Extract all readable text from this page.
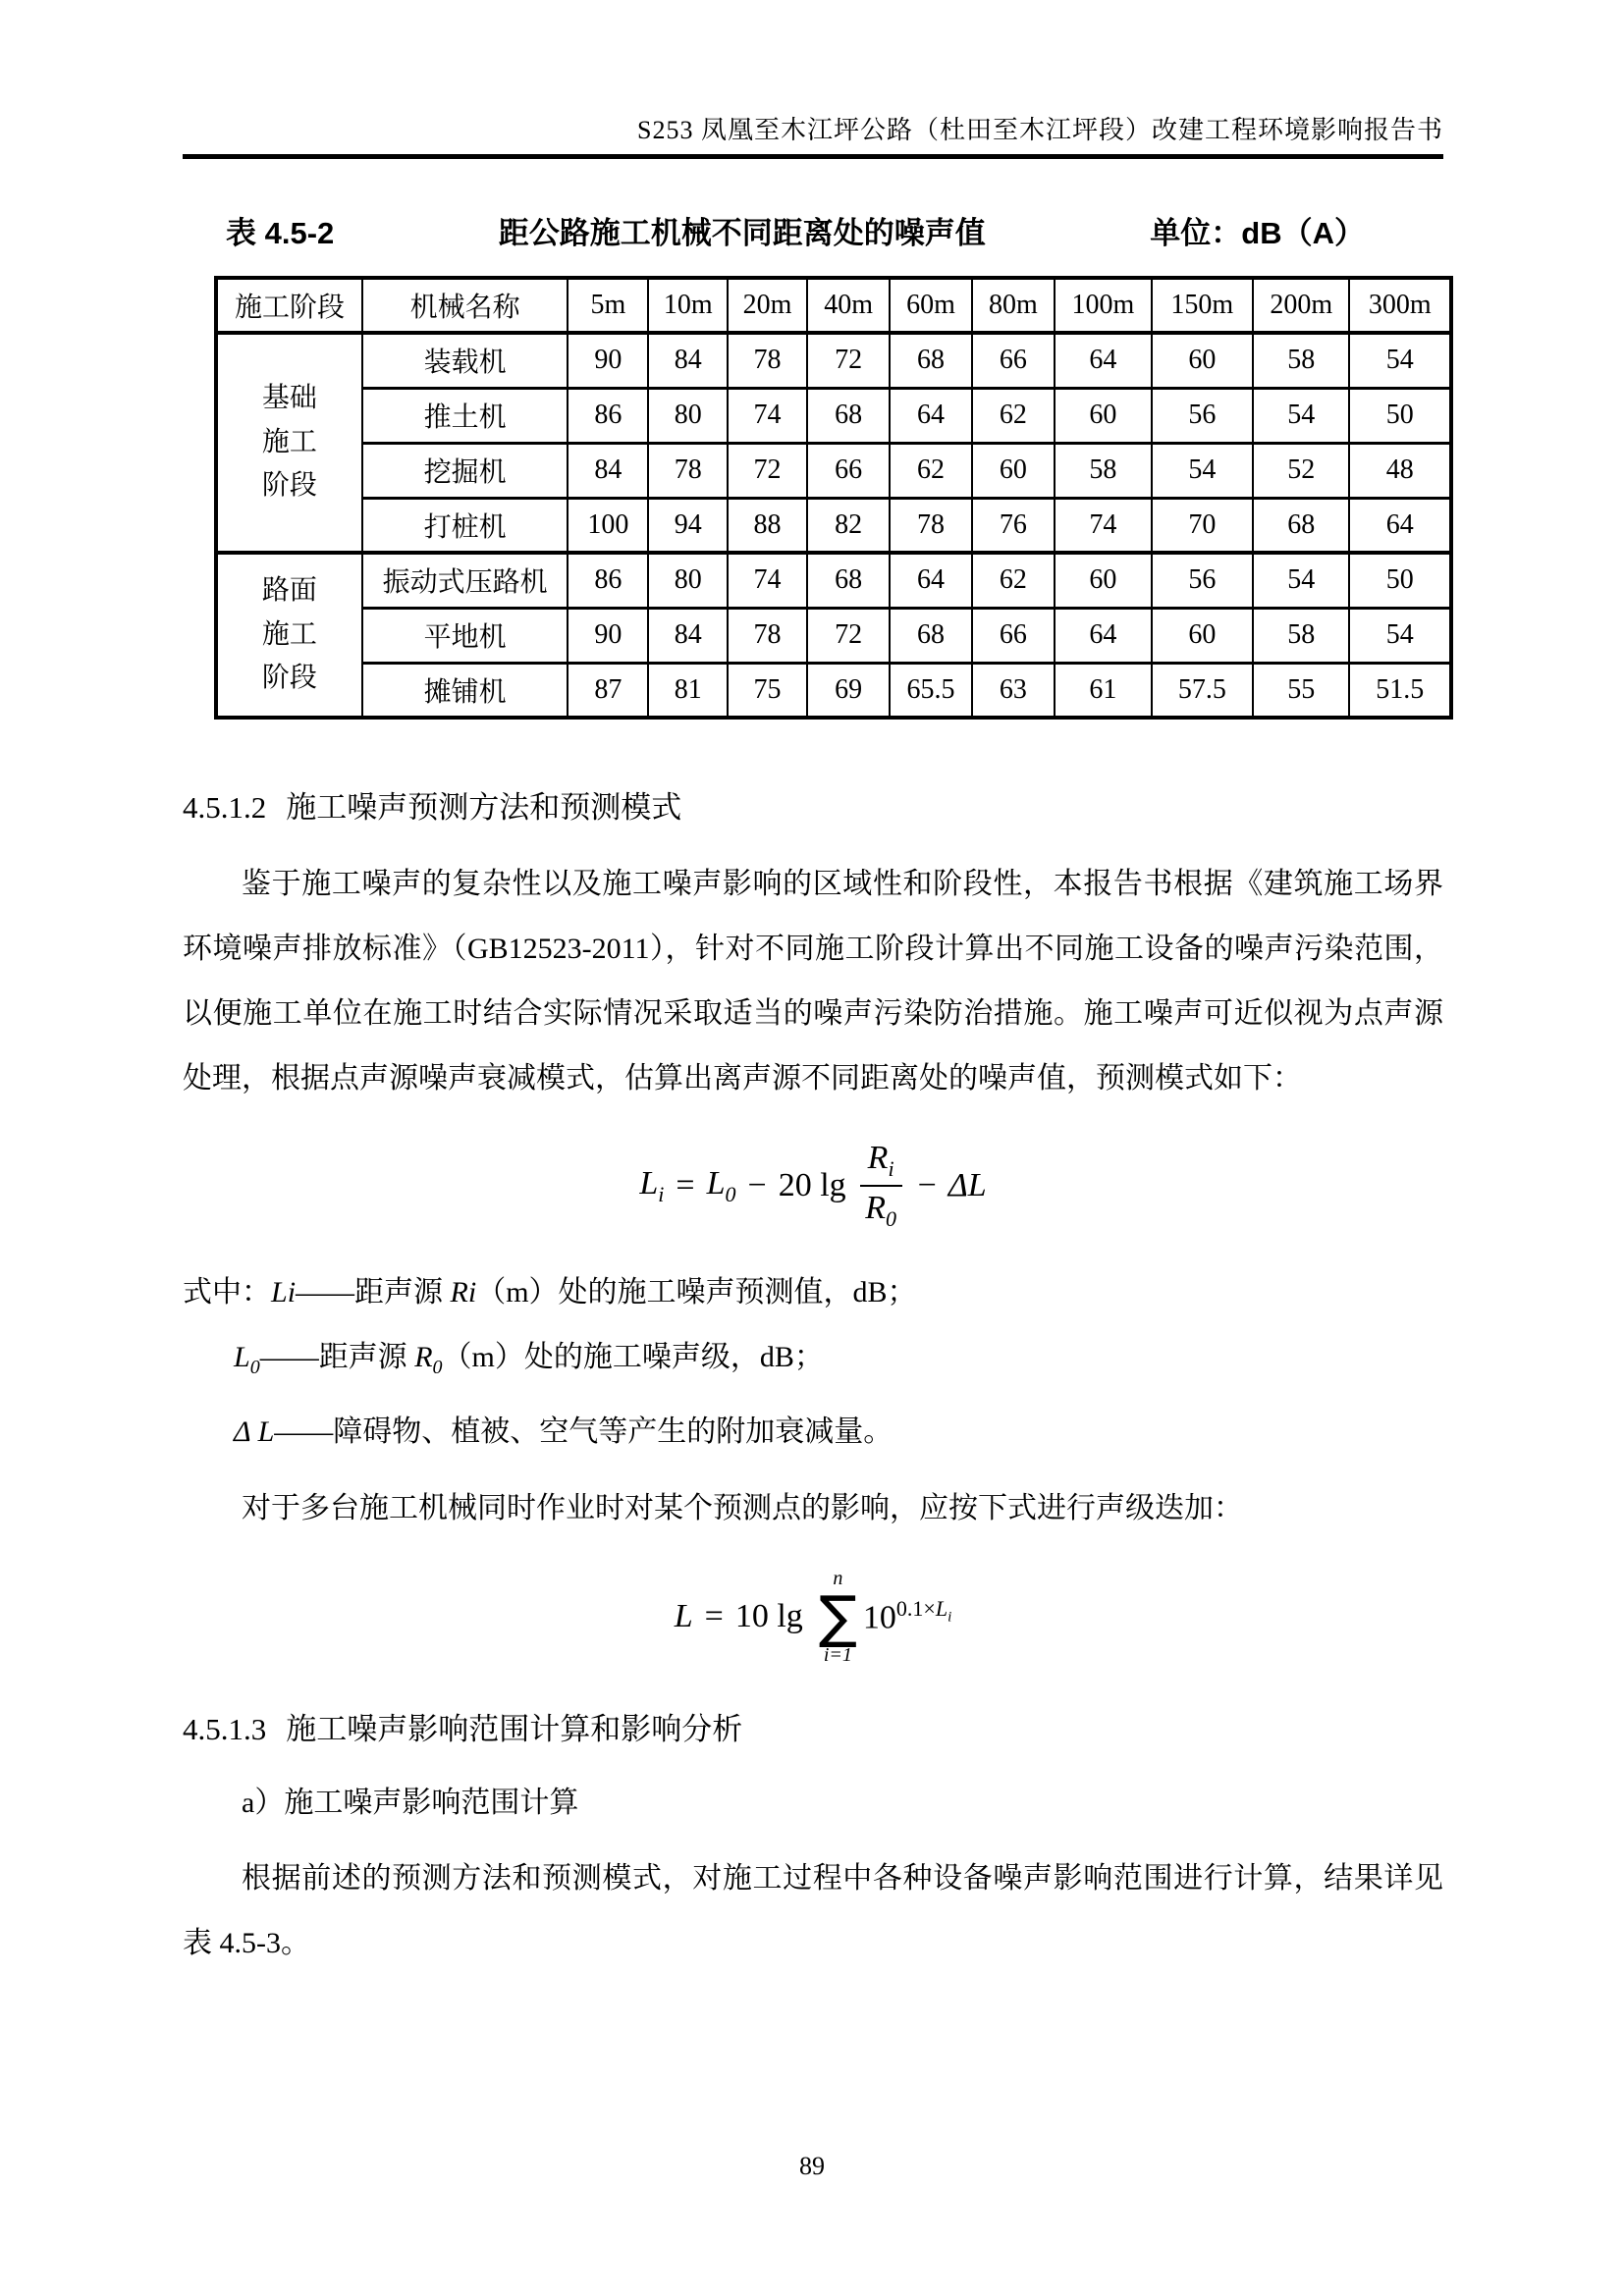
S253 凤凰至木江坪公路（杜田至木江坪段）改建工程环境影响报告书
表 4.5-2	距公路施工机械不同距离处的噪声值	单位：dB（A）
施工阶段	机械名称	5m	10m	20m	40m	60m	80m	100m	150m	200m	300m
基础施工阶段	装载机	90	84	78	72	68	66	64	60	58	54
	推土机	86	80	74	68	64	62	60	56	54	50
	挖掘机	84	78	72	66	62	60	58	54	52	48
	打桩机	100	94	88	82	78	76	74	70	68	64
路面施工阶段	振动式压路机	86	80	74	68	64	62	60	56	54	50
	平地机	90	84	78	72	68	66	64	60	58	54
	摊铺机	87	81	75	69	65.5	63	61	57.5	55	51.5
4.5.1.2 施工噪声预测方法和预测模式
鉴于施工噪声的复杂性以及施工噪声影响的区域性和阶段性，本报告书根据《建筑施工场界环境噪声排放标准》（GB12523-2011），针对不同施工阶段计算出不同施工设备的噪声污染范围，以便施工单位在施工时结合实际情况采取适当的噪声污染防治措施。施工噪声可近似视为点声源处理，根据点声源噪声衰减模式，估算出离声源不同距离处的噪声值，预测模式如下：
$L_i = L_0 - 20$ $\lg \frac{R_i}{R_0} - \Delta L$
式中：Li——距声源 Ri（m）处的施工噪声预测值，dB；
$L_0——$距声源 $R_0(m)$处的施工噪声级，dB；
Δ L——障碍物、植被、空气等产生的附加衰减量。
对于多台施工机械同时作业时对某个预测点的影响，应按下式进行声级迭加：
L = 10 lg
n
∑
i=1
$10^{0.1\times L_i}$
4.5.1.3 施工噪声影响范围计算和影响分析
a）施工噪声影响范围计算
根据前述的预测方法和预测模式，对施工过程中各种设备噪声影响范围进行计算，结果详见表 4.5-3。
89
